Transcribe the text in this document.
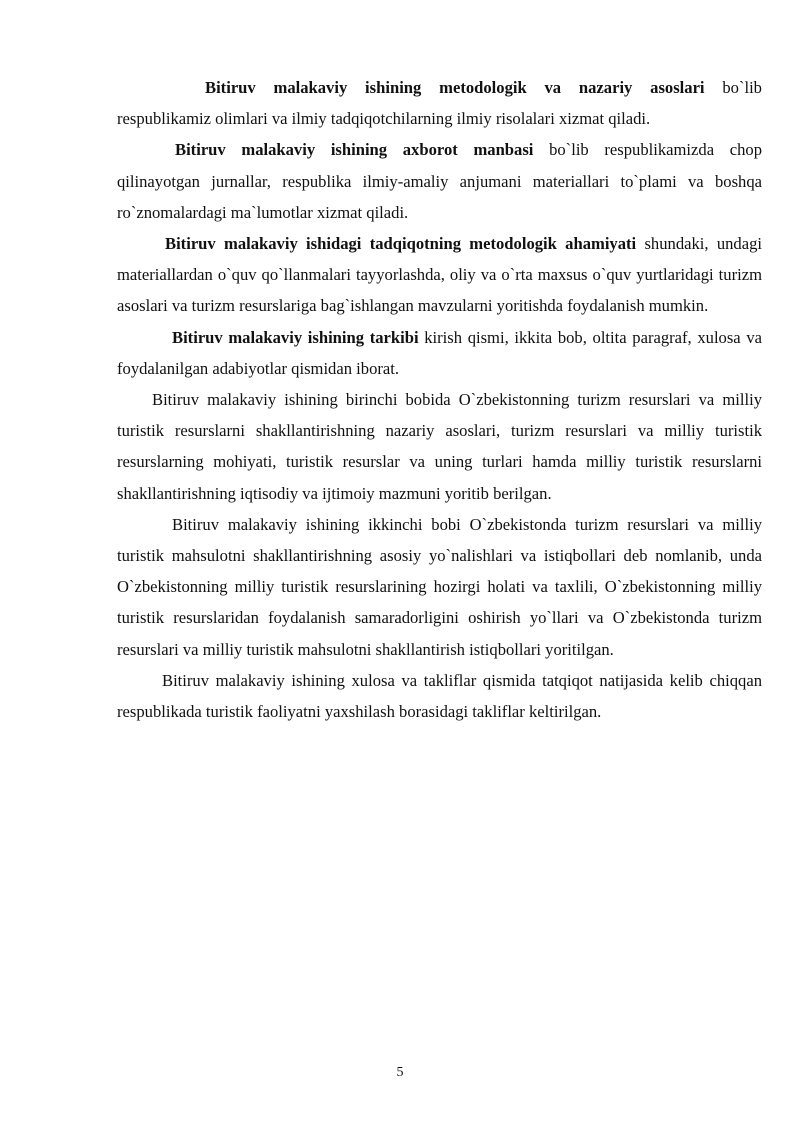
Bitiruv malakaviy ishining metodologik va nazariy asoslari bo`lib respublikamiz olimlari va ilmiy tadqiqotchilarning ilmiy risolalari xizmat qiladi.

Bitiruv malakaviy ishining axborot manbasi bo`lib respublikamizda chop qilinayotgan jurnallar, respublika ilmiy-amaliy anjumani materiallari to`plami va boshqa ro`znomalardagi ma`lumotlar xizmat qiladi.

Bitiruv malakaviy ishidagi tadqiqotning metodologik ahamiyati shundaki, undagi materiallardan o`quv qo`llanmalari tayyorlashda, oliy va o`rta maxsus o`quv yurtlaridagi turizm asoslari va turizm resurslariga bag`ishlangan mavzularni yoritishda foydalanish mumkin.

Bitiruv malakaviy ishining tarkibi kirish qismi, ikkita bob, oltita paragraf, xulosa va foydalanilgan adabiyotlar qismidan iborat.

Bitiruv malakaviy ishining birinchi bobida O`zbekistonning turizm resurslari va milliy turistik resurslarni shakllantirishning nazariy asoslari, turizm resurslari va milliy turistik resurslarning mohiyati, turistik resurslar va uning turlari hamda milliy turistik resurslarni shakllantirishning iqtisodiy va ijtimoiy mazmuni yoritib berilgan.

Bitiruv malakaviy ishining ikkinchi bobi O`zbekistonda turizm resurslari va milliy turistik mahsulotni shakllantirishning asosiy yo`nalishlari va istiqbollari deb nomlanib, unda O`zbekistonning milliy turistik resurslarining hozirgi holati va taxlili, O`zbekistonning milliy turistik resurslaridan foydalanish samaradorligini oshirish yo`llari va O`zbekistonda turizm resurslari va milliy turistik mahsulotni shakllantirish istiqbollari yoritilgan.

Bitiruv malakaviy ishining xulosa va takliflar qismida tatqiqot natijasida kelib chiqqan respublikada turistik faoliyatni yaxshilash borasidagi takliflar keltirilgan.

5
